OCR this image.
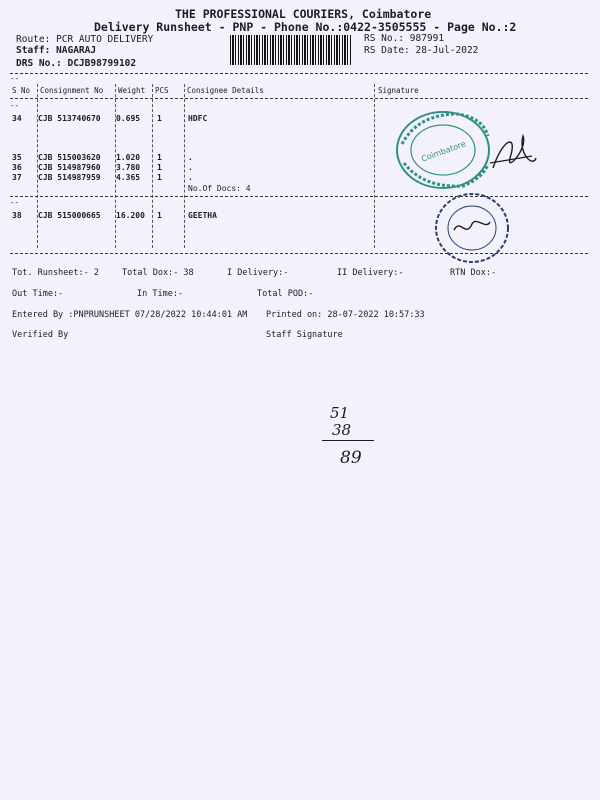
THE PROFESSIONAL COURIERS, Coimbatore
Delivery Runsheet - PNP - Phone No.:0422-3505555 - Page No.:2
Route: PCR AUTO DELIVERY
Staff: NAGARAJ
DRS No.: DCJB98799102
RS No.: 987991
RS Date: 28-Jul-2022
--
S No Consignment No Weight PCS Consignee Details	Signature
--
34 CJB 513740670 0.695 1	HDFC
35 CJB 515003620 1.020 1	.
36 CJB 514987960 3.780 1	.
37 CJB 514987959 4.365 1	.
No.Of Docs: 4
--
38 CJB 515000665 16.200 1	GEETHA
Coimbatore
Tot. Runsheet:- 2	Total Dox:- 38	I Delivery:-	II Delivery:-	RTN Dox:-
Out Time:-	In Time:-	Total POD:-
Entered By :PNPRUNSHEET 07/28/2022 10:44:01 AM Printed on: 28-07-2022 10:57:33
Verified By	Staff Signature
51
38
89
